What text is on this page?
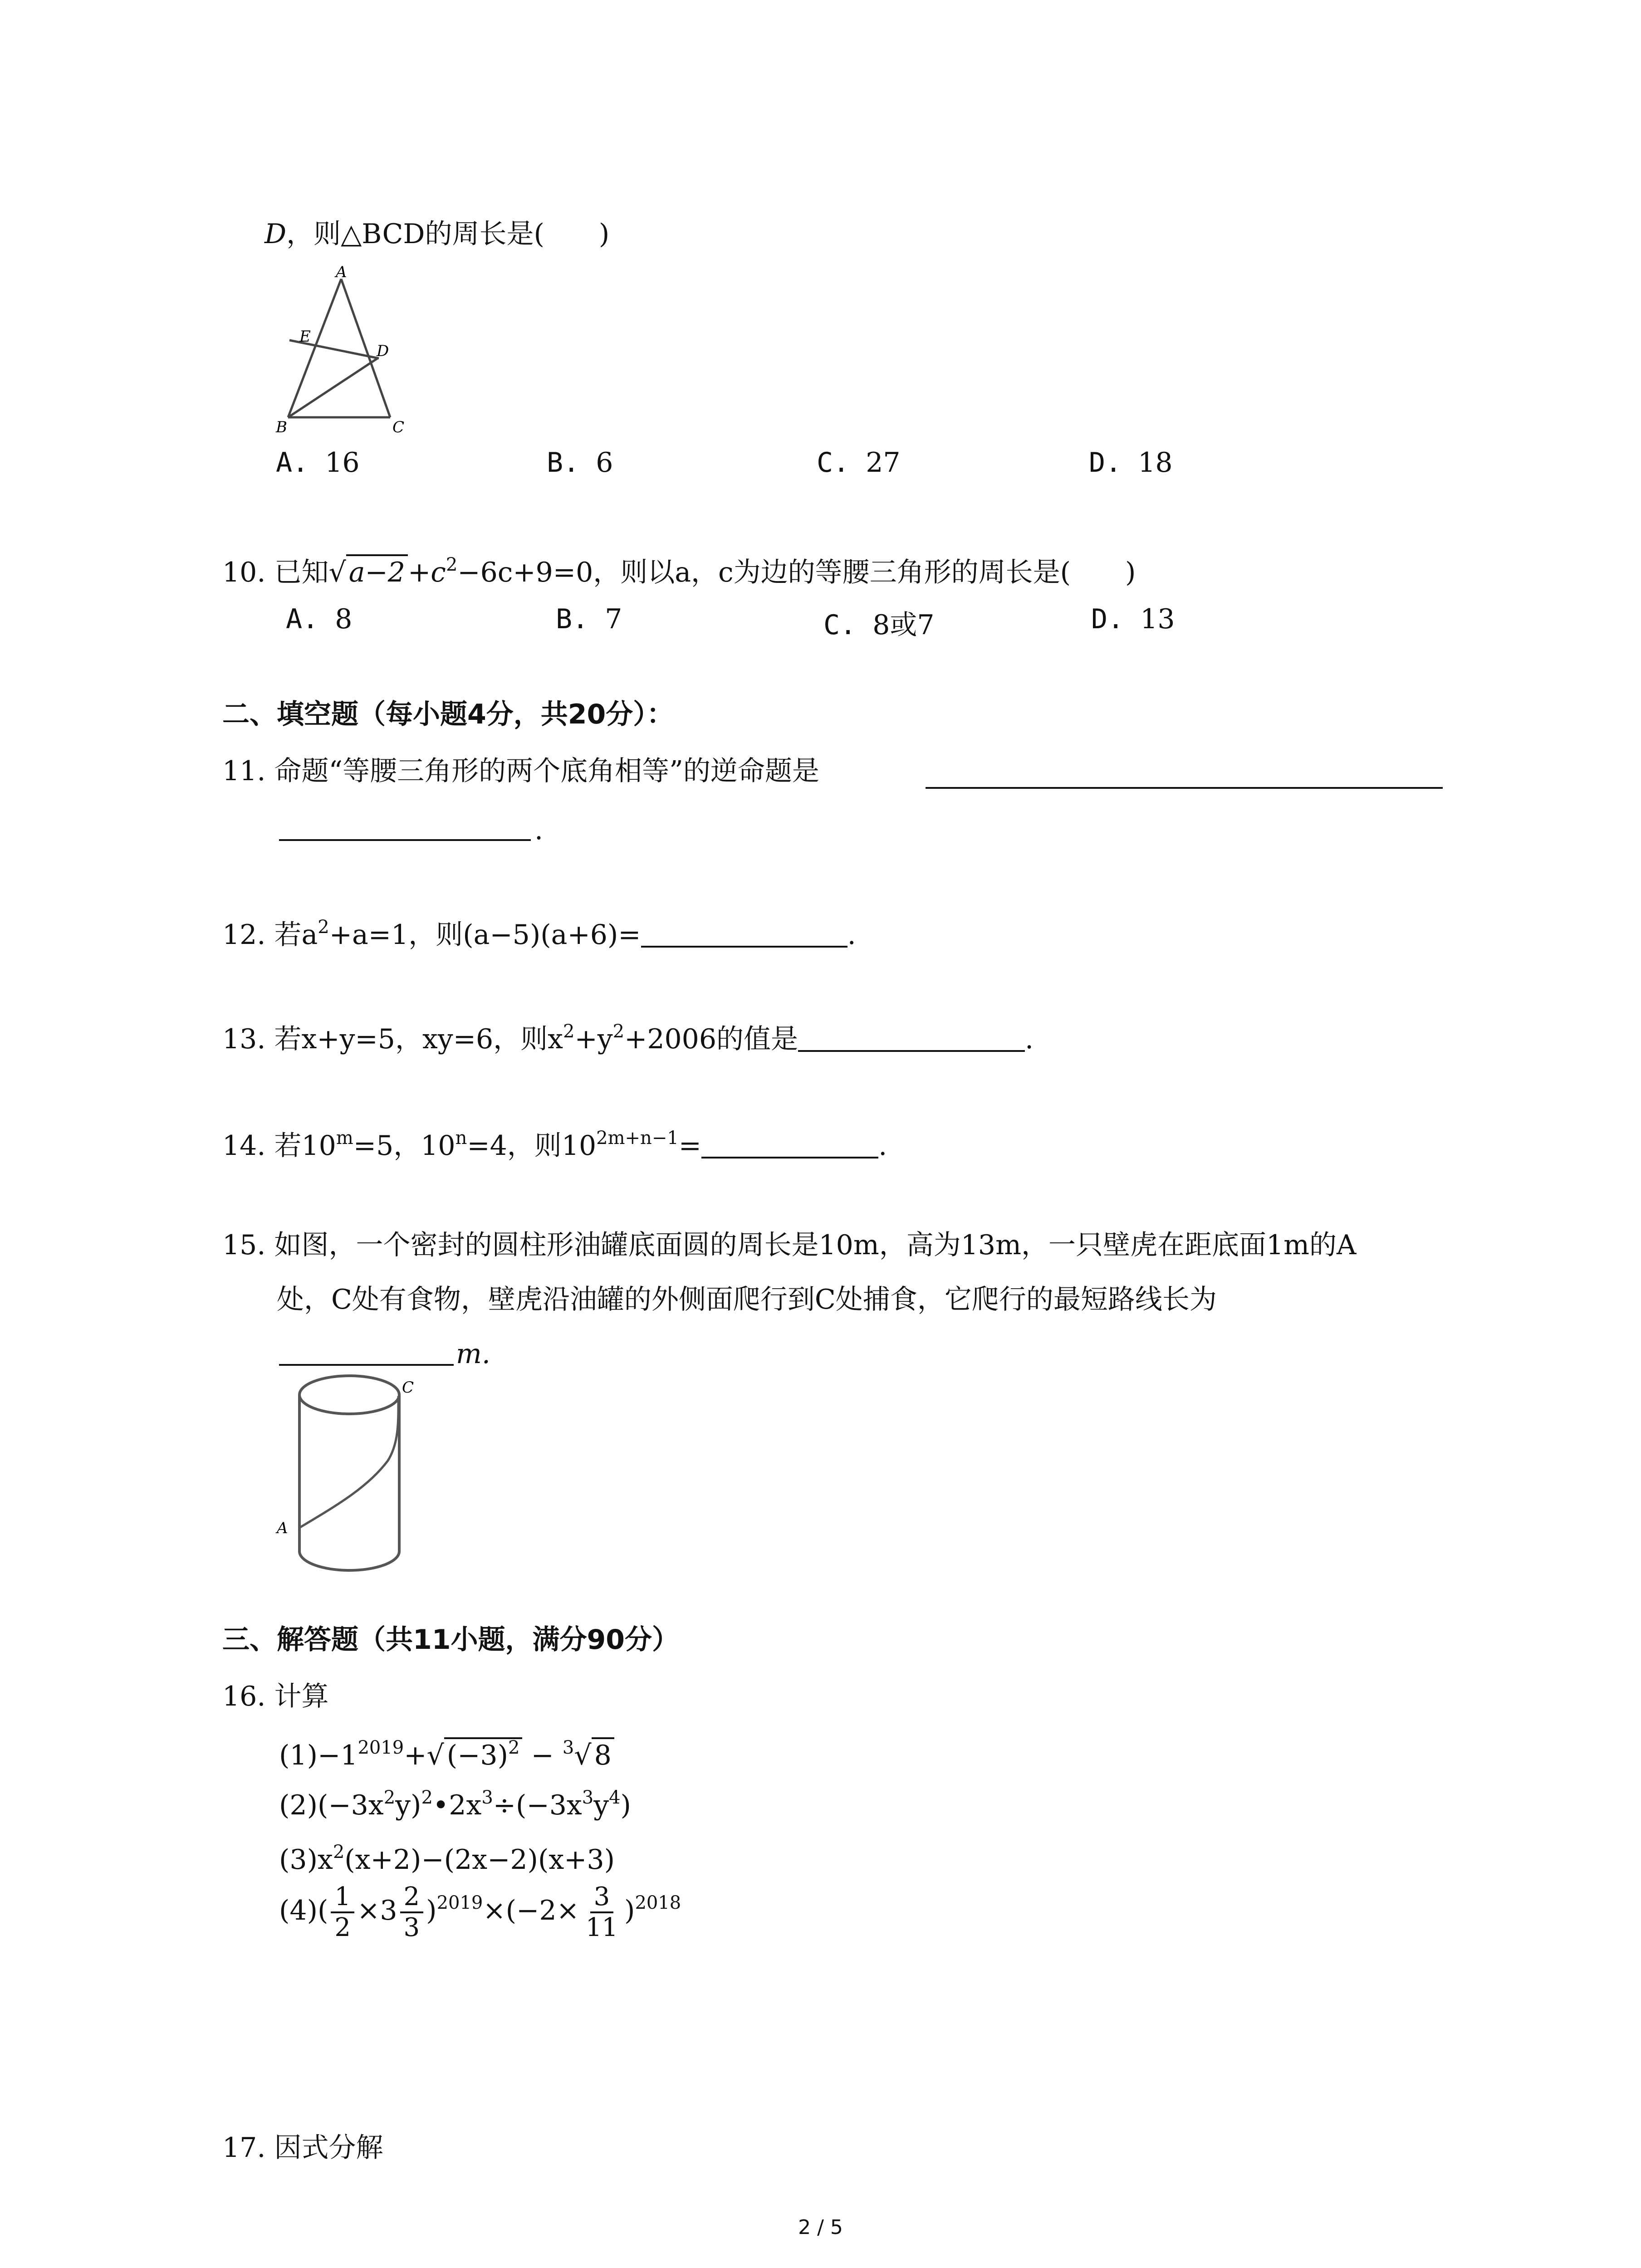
D，则△BCD的周长是(　　)
A
E
D
B	C
A. 16	B. 6	C. 27	D. 18
10. 已知√ $a-2 +c^2-6c+9=0$，则以a，c为边的等腰三角形的周长是(　　)
A. 8	B. 7	C. 8或7	D. 13
二、填空题（每小题4分，共20分）：
11. 命题“等腰三角形的两个底角相等”的逆命题是
.
12. 若$a^2+a=1$，则(a−5)(a+6)=	.
13. 若x+y=5，xy=6，则$x^2+y^2+2006$的值是	.
14. 若$10^m=5$，$10^n=4$，则$10^{2m+n-1}=$	.
15. 如图，一个密封的圆柱形油罐底面圆的周长是10m，高为13m，一只壁虎在距底面1m的A
处，C处有食物，壁虎沿油罐的外侧面爬行到C处捕食，它爬行的最短路线长为
m.
C
A
三、解答题（共11小题，满分90分）
16. 计算
$(1)-1^{2019}+√$ $(-3)^2 - ^3√$ 8
$(2)(-3x^2y)^2•2x^3\div(-3x^3y^4)$
$(3)x^2(x+2)-(2x-2)(x+3)$
$(4)( \frac{1}{2} \times 3 \frac{2}{3} )^{2019}\times(-2\times \frac{3}{11} )^{2018}$
17. 因式分解
2 / 5
